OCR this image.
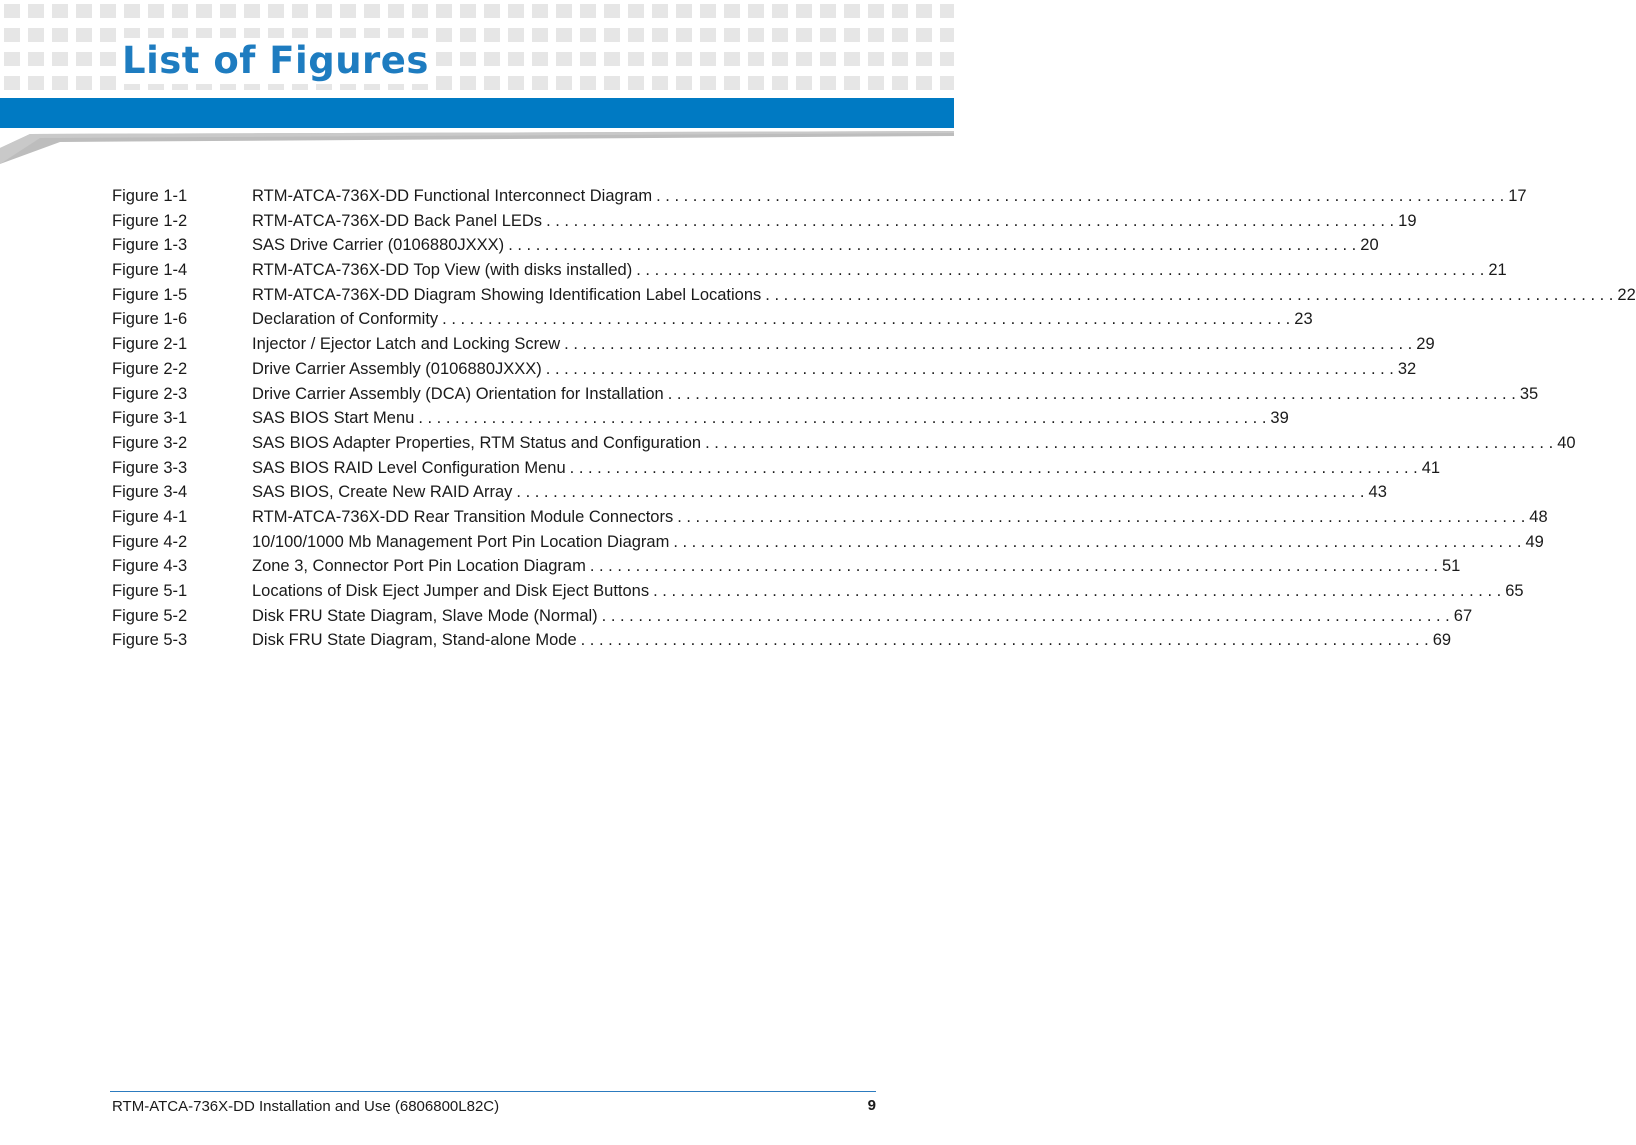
List of Figures
Figure 1-1	RTM-ATCA-736X-DD Functional Interconnect Diagram . . .	17
Figure 1-2	RTM-ATCA-736X-DD Back Panel LEDs . . .	19
Figure 1-3	SAS Drive Carrier (0106880JXXX) . . .	20
Figure 1-4	RTM-ATCA-736X-DD Top View (with disks installed) . . .	21
Figure 1-5	RTM-ATCA-736X-DD Diagram Showing Identification Label Locations . . .	22
Figure 1-6	Declaration of Conformity . . .	23
Figure 2-1	Injector / Ejector Latch and Locking Screw . . .	29
Figure 2-2	Drive Carrier Assembly (0106880JXXX) . . .	32
Figure 2-3	Drive Carrier Assembly (DCA) Orientation for Installation . . .	35
Figure 3-1	SAS BIOS Start Menu . . .	39
Figure 3-2	SAS BIOS Adapter Properties, RTM Status and Configuration . . .	40
Figure 3-3	SAS BIOS RAID Level Configuration Menu . . .	41
Figure 3-4	SAS BIOS, Create New RAID Array . . .	43
Figure 4-1	RTM-ATCA-736X-DD Rear Transition Module Connectors . . .	48
Figure 4-2	10/100/1000 Mb Management Port Pin Location Diagram . . .	49
Figure 4-3	Zone 3, Connector Port Pin Location Diagram . . .	51
Figure 5-1	Locations of Disk Eject Jumper and Disk Eject Buttons . . .	65
Figure 5-2	Disk FRU State Diagram, Slave Mode (Normal) . . .	67
Figure 5-3	Disk FRU State Diagram, Stand-alone Mode . . .	69
RTM-ATCA-736X-DD Installation and Use (6806800L82C)	9
